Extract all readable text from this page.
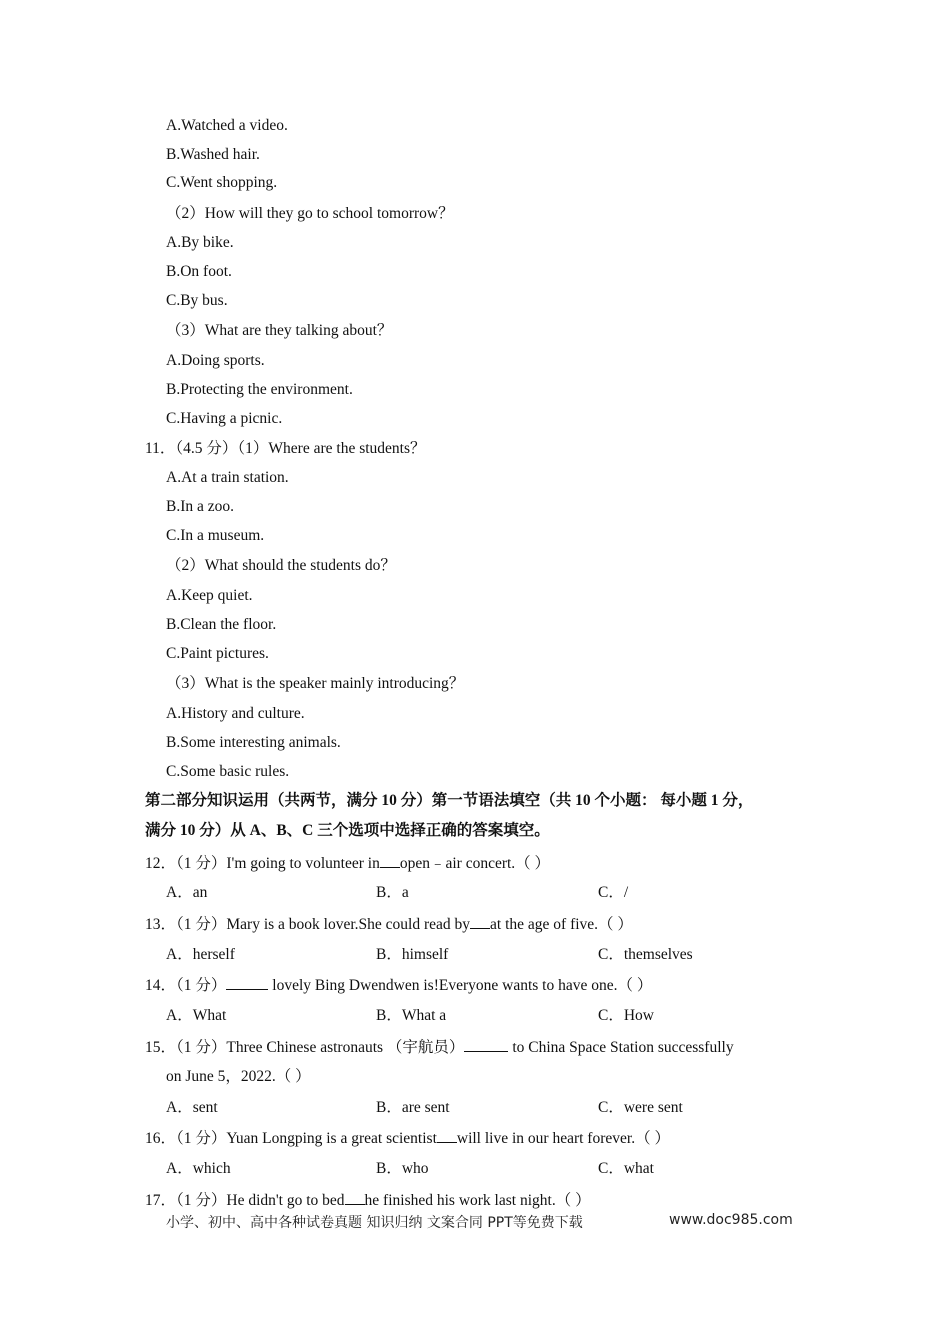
A.Watched a video.
B.Washed hair.
C.Went shopping.
（2）How will they go to school tomorrow？
A.By bike.
B.On foot.
C.By bus.
（3）What are they talking about？
A.Doing sports.
B.Protecting the environment.
C.Having a picnic.
11．（4.5 分）（1）Where are the students？
A.At a train station.
B.In a zoo.
C.In a museum.
（2）What should the students do？
A.Keep quiet.
B.Clean the floor.
C.Paint pictures.
（3）What is the speaker mainly introducing？
A.History and culture.
B.Some interesting animals.
C.Some basic rules.
第二部分知识运用（共两节，满分 10 分）第一节语法填空（共 10 个小题： 每小题 1 分，
满分 10 分）从 A、B、C 三个选项中选择正确的答案填空。
12．（1 分）I'm going to volunteer in open﹣air concert.（ ）
A．an	B．a	C．/
13．（1 分）Mary is a book lover.She could read by at the age of five.（ ）
A．herself	B．himself	C．themselves
14．（1 分）	lovely Bing Dwendwen is!Everyone wants to have one.（ ）
A．What	B．What a	C．How
15．（1 分）Three Chinese astronauts （宇航员）	to China Space Station successfully
on June 5，2022.（ ）
A．sent	B．are sent	C．were sent
16．（1 分）Yuan Longping is a great scientist will live in our heart forever.（ ）
A．which	B．who	C．what
17．（1 分）He didn't go to bed he finished his work last night.（ ）
小学、初中、高中各种试卷真题 知识归纳 文案合同 PPT等免费下载	www.doc985.com
